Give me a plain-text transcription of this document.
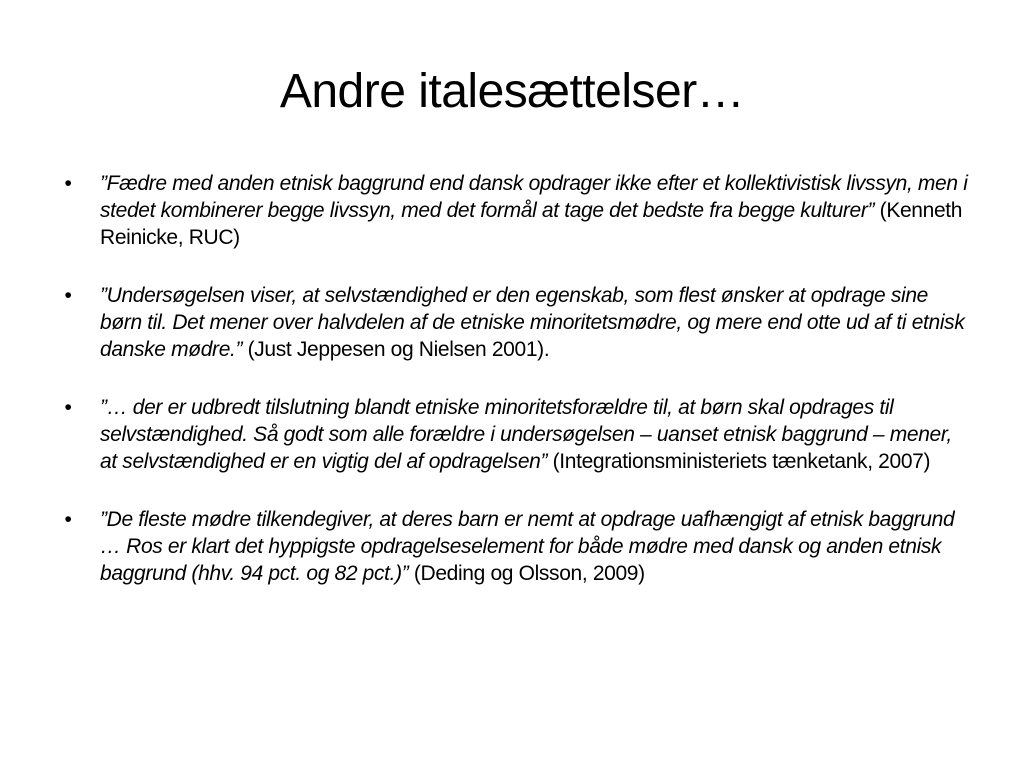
Andre italesættelser…
•	”Fædre med anden etnisk baggrund end dansk opdrager ikke efter et kollektivistisk livssyn, men i stedet kombinerer begge livssyn, med det formål at tage det bedste fra begge kulturer” (Kenneth Reinicke, RUC)
•	”Undersøgelsen viser, at selvstændighed er den egenskab, som flest ønsker at opdrage sine børn til. Det mener over halvdelen af de etniske minoritetsmødre, og mere end otte ud af ti etnisk danske mødre.” (Just Jeppesen og Nielsen 2001).
•	”… der er udbredt tilslutning blandt etniske minoritetsforældre til, at børn skal opdrages til selvstændighed. Så godt som alle forældre i undersøgelsen – uanset etnisk baggrund – mener, at selvstændighed er en vigtig del af opdragelsen” (Integrationsministeriets tænketank, 2007)
•	”De fleste mødre tilkendegiver, at deres barn er nemt at opdrage uafhængigt af etnisk baggrund … Ros er klart det hyppigste opdragelseselement for både mødre med dansk og anden etnisk baggrund (hhv. 94 pct. og 82 pct.)” (Deding og Olsson, 2009)
